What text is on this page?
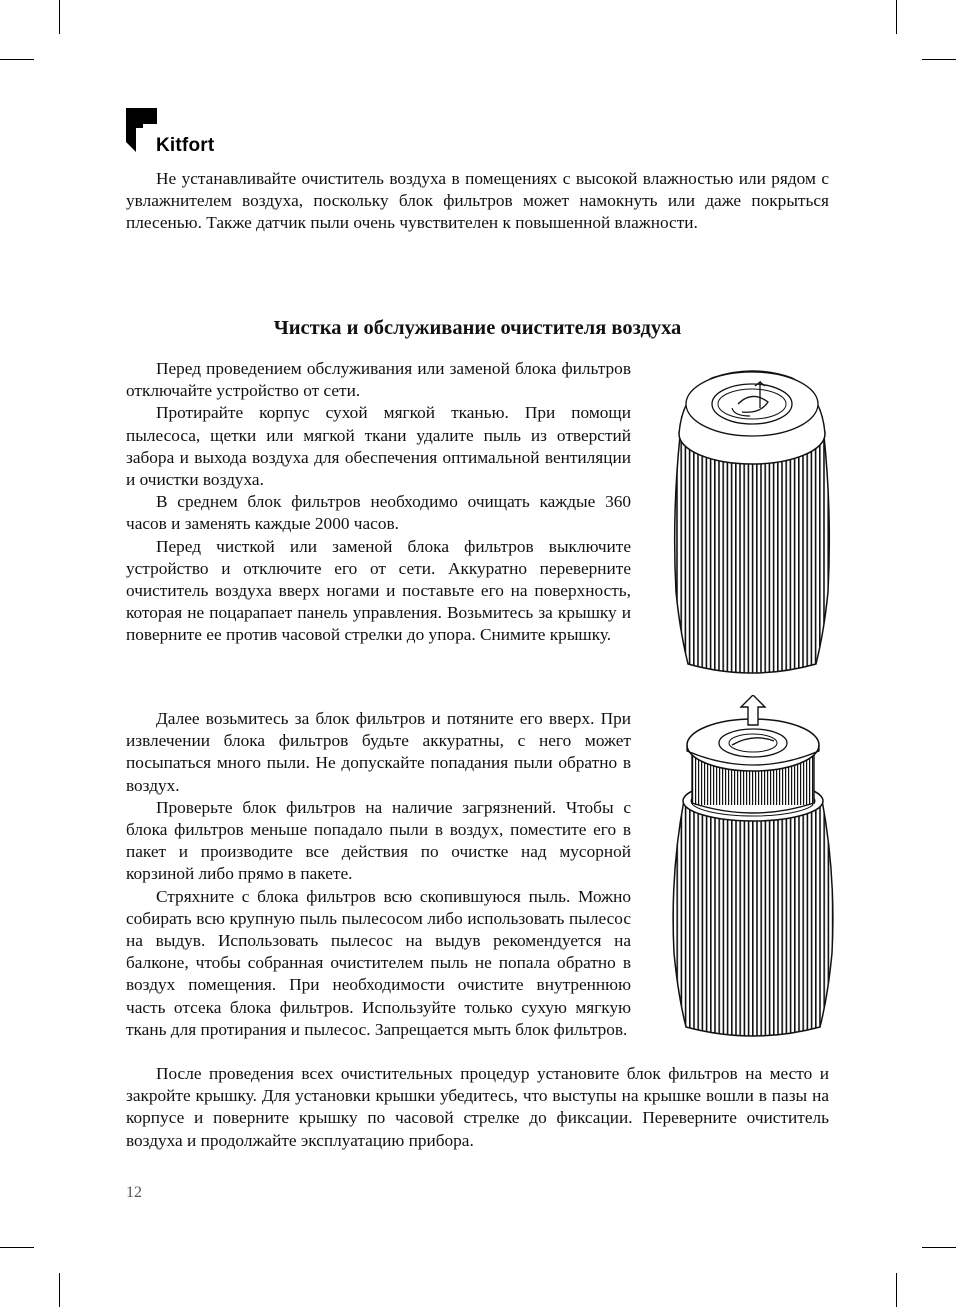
Kitfort

Не устанавливайте очиститель воздуха в помещениях с высокой влажностью или рядом с увлажнителем воздуха, поскольку блок фильтров может намокнуть или даже покрыться плесенью. Также датчик пыли очень чувствителен к повышенной влажности.

Чистка и обслуживание очистителя воздуха

Перед проведением обслуживания или заменой блока фильтров отключайте устройство от сети.

Протирайте корпус сухой мягкой тканью. При помощи пылесоса, щетки или мягкой ткани удалите пыль из отверстий забора и выхода воздуха для обеспечения оптимальной вентиляции и очистки воздуха.

В среднем блок фильтров необходимо очищать каждые 360 часов и заменять каждые 2000 часов.

Перед чисткой или заменой блока фильтров выключите устройство и отключите его от сети. Аккуратно переверните очиститель воздуха вверх ногами и поставьте его на поверхность, которая не поцарапает панель управления. Возьмитесь за крышку и поверните ее против часовой стрелки до упора. Снимите крышку.

Далее возьмитесь за блок фильтров и потяните его вверх. При извлечении блока фильтров будьте аккуратны, с него может посыпаться много пыли. Не допускайте попадания пыли обратно в воздух.

Проверьте блок фильтров на наличие загрязнений. Чтобы с блока фильтров меньше попадало пыли в воздух, поместите его в пакет и производите все действия по очистке над мусорной корзиной либо прямо в пакете.

Стряхните с блока фильтров всю скопившуюся пыль. Можно собирать всю крупную пыль пылесосом либо использовать пылесос на выдув. Использовать пылесос на выдув рекомендуется на балконе, чтобы собранная очистителем пыль не попала обратно в воздух помещения. При необходимости очистите внутреннюю часть отсека блока фильтров. Используйте только сухую мягкую ткань для протирания и пылесос. Запрещается мыть блок фильтров.

После проведения всех очистительных процедур установите блок фильтров на место и закройте крышку. Для установки крышки убедитесь, что выступы на крышке вошли в пазы на корпусе и поверните крышку по часовой стрелке до фиксации. Переверните очиститель воздуха и продолжайте эксплуатацию прибора.

12
